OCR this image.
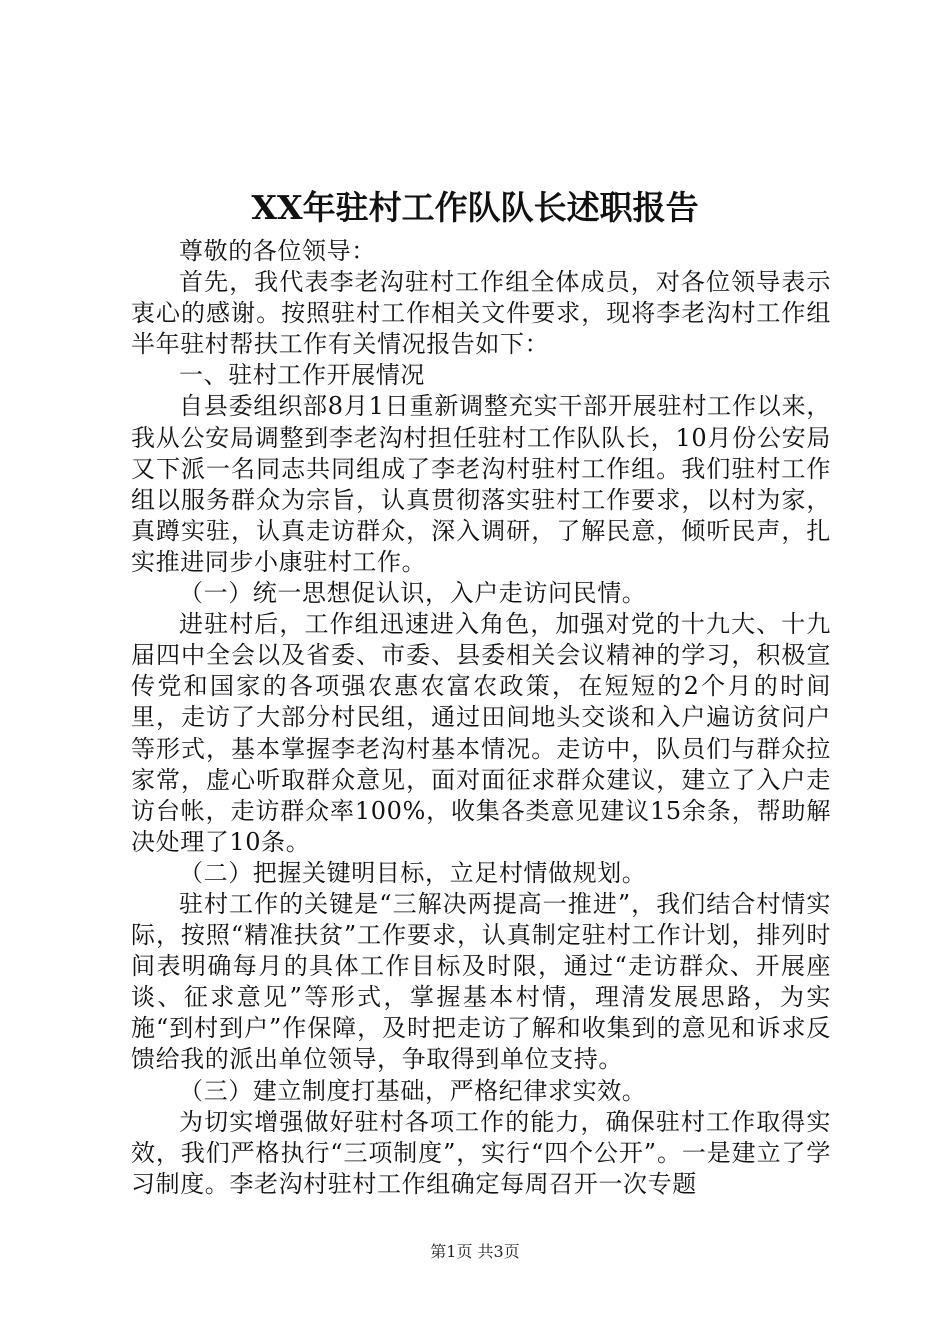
XX年驻村工作队队长述职报告

尊敬的各位领导：

首先，我代表李老沟驻村工作组全体成员，对各位领导表示衷心的感谢。按照驻村工作相关文件要求，现将李老沟村工作组半年驻村帮扶工作有关情况报告如下：

一、驻村工作开展情况

自县委组织部8月1日重新调整充实干部开展驻村工作以来，我从公安局调整到李老沟村担任驻村工作队队长，10月份公安局又下派一名同志共同组成了李老沟村驻村工作组。我们驻村工作组以服务群众为宗旨，认真贯彻落实驻村工作要求，以村为家，真蹲实驻，认真走访群众，深入调研，了解民意，倾听民声，扎实推进同步小康驻村工作。

（一）统一思想促认识，入户走访问民情。

进驻村后，工作组迅速进入角色，加强对党的十九大、十九届四中全会以及省委、市委、县委相关会议精神的学习，积极宣传党和国家的各项强农惠农富农政策，在短短的2个月的时间里，走访了大部分村民组，通过田间地头交谈和入户遍访贫问户等形式，基本掌握李老沟村基本情况。走访中，队员们与群众拉家常，虚心听取群众意见，面对面征求群众建议，建立了入户走访台帐，走访群众率100%，收集各类意见建议15余条，帮助解决处理了10条。

（二）把握关键明目标，立足村情做规划。

驻村工作的关键是“三解决两提高一推进”，我们结合村情实际，按照“精准扶贫”工作要求，认真制定驻村工作计划，排列时间表明确每月的具体工作目标及时限，通过“走访群众、开展座谈、征求意见”等形式，掌握基本村情，理清发展思路，为实施“到村到户”作保障，及时把走访了解和收集到的意见和诉求反馈给我的派出单位领导，争取得到单位支持。

（三）建立制度打基础，严格纪律求实效。

为切实增强做好驻村各项工作的能力，确保驻村工作取得实效，我们严格执行“三项制度”，实行“四个公开”。一是建立了学习制度。李老沟村驻村工作组确定每周召开一次专题

第1页 共3页
